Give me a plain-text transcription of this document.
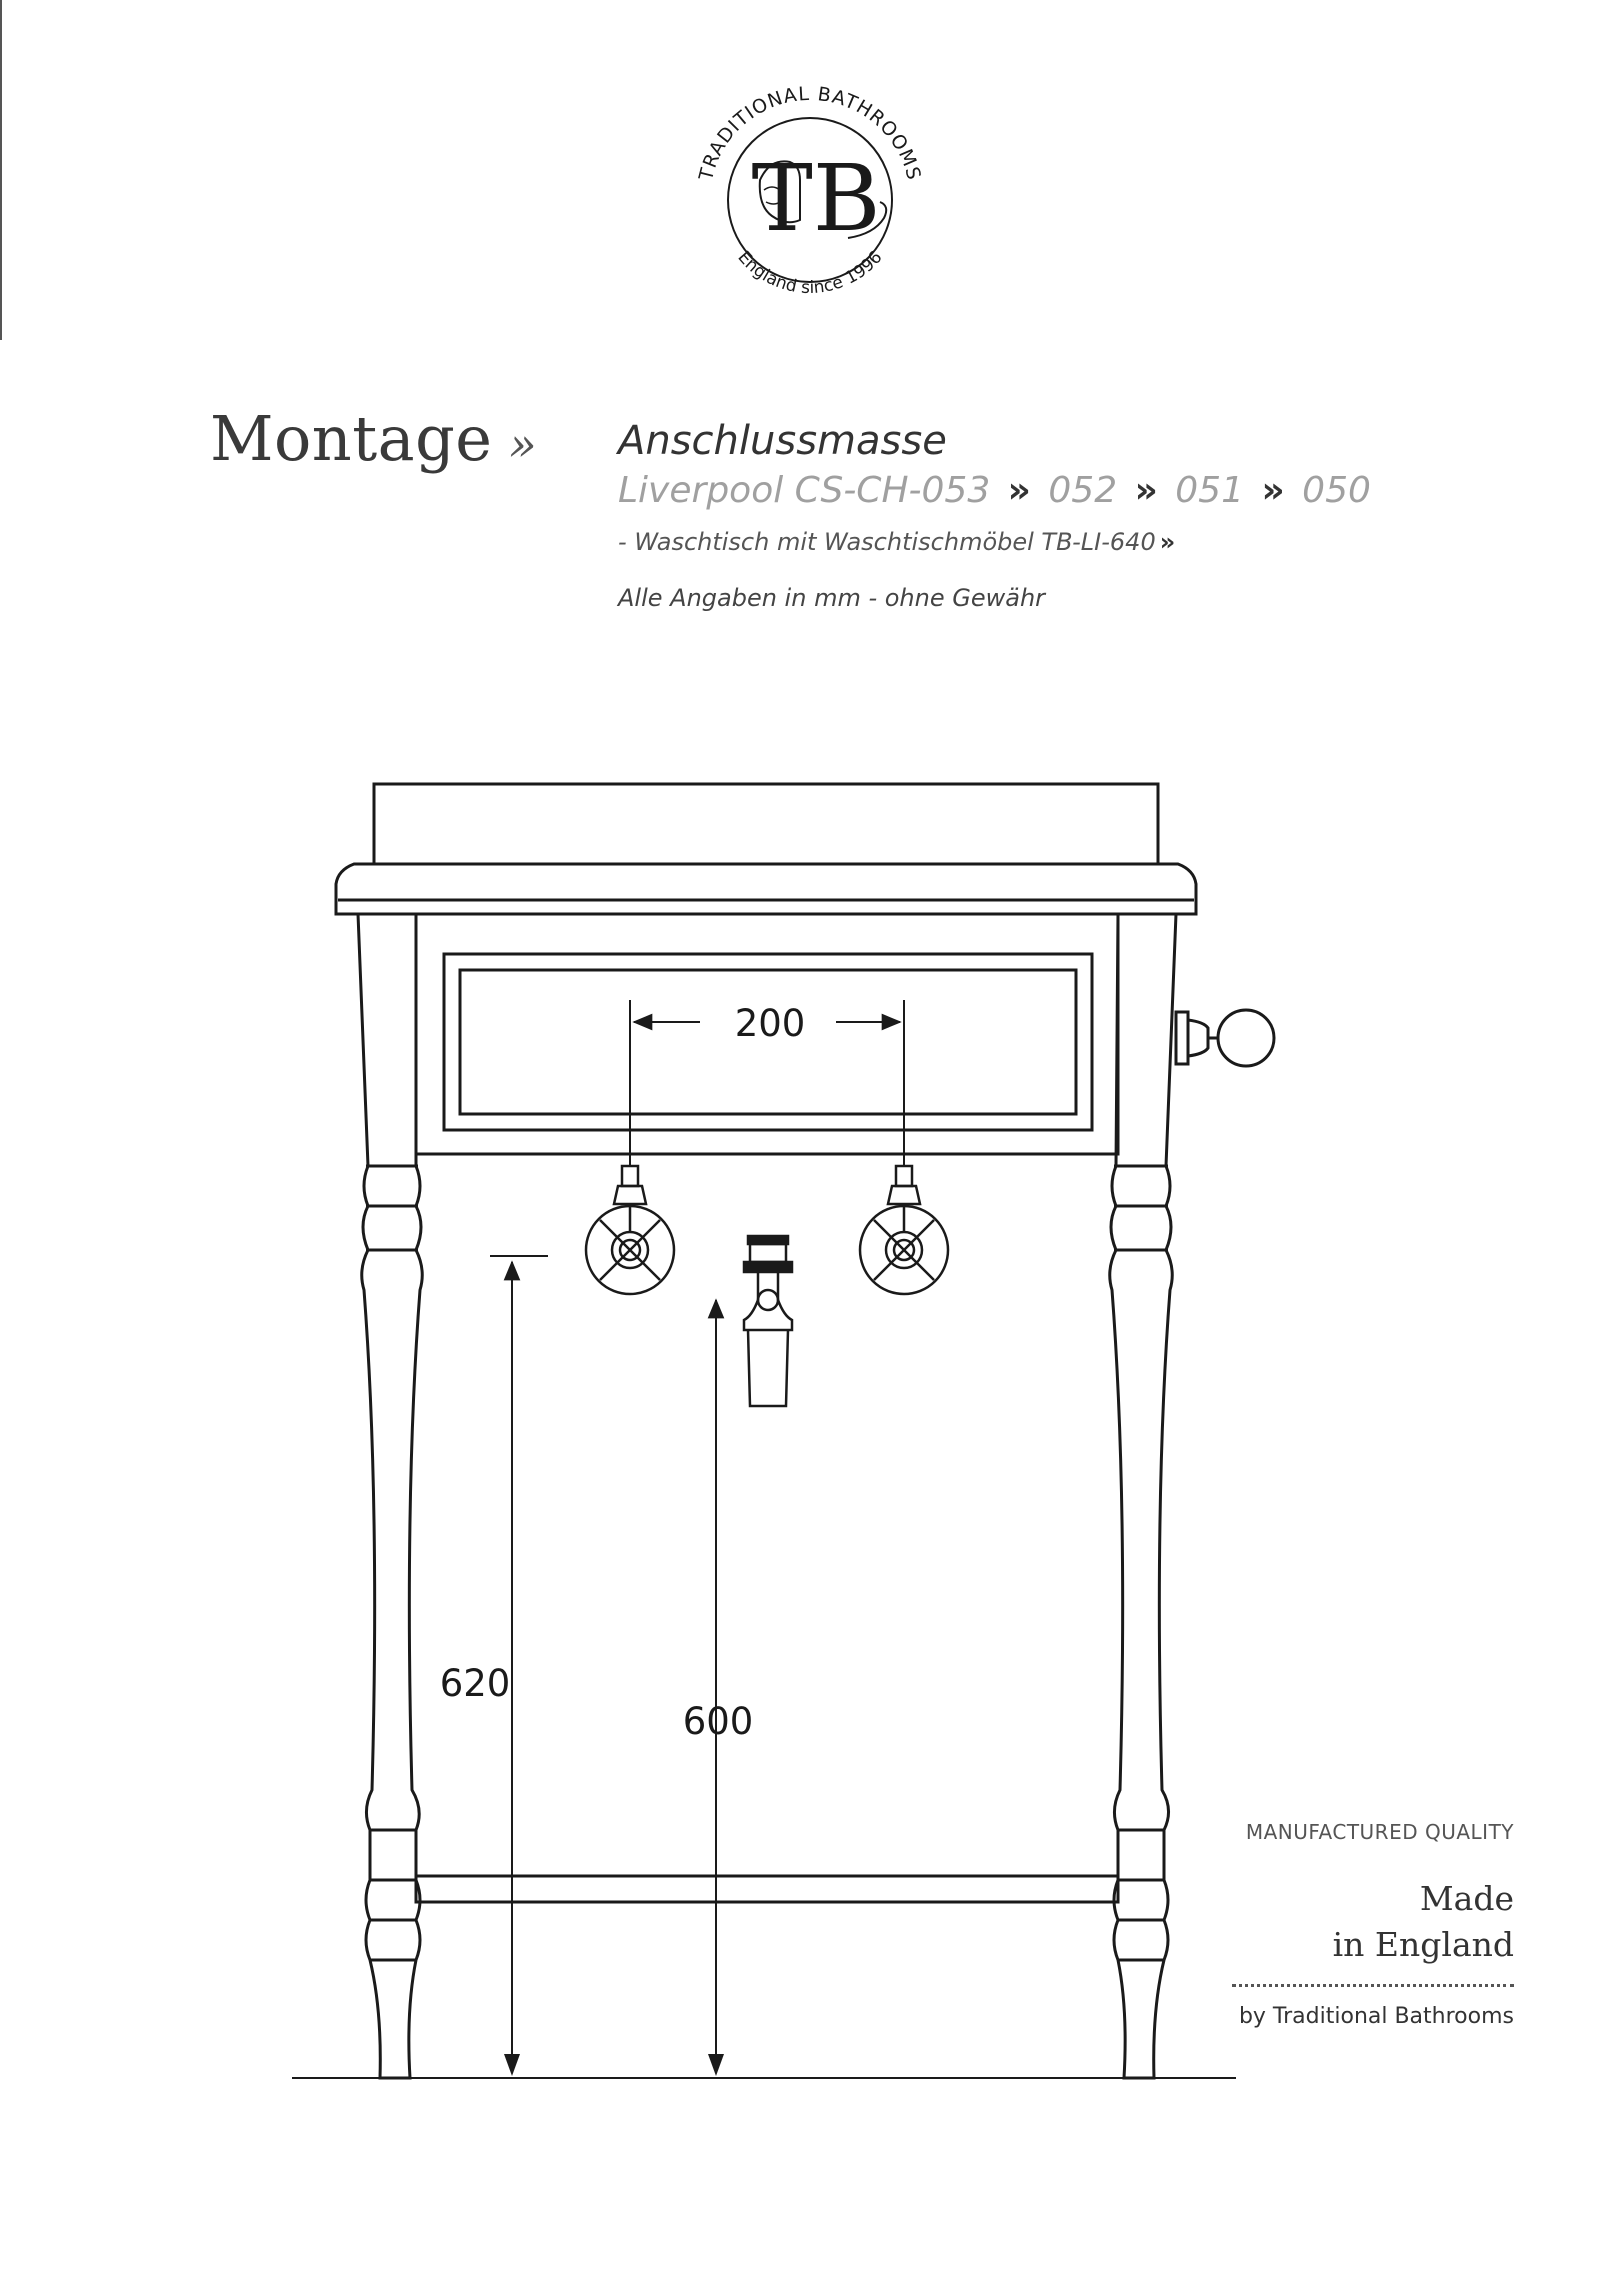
TRADITIONAL BATHROOMS
England since 1996
TB
Montage » Anschlussmasse
Liverpool CS-CH-053 » 052 » 051 » 050
- Waschtisch mit Waschtischmöbel TB-LI-640 »
Alle Angaben in mm - ohne Gewähr
200
620
600
MANUFACTURED QUALITY
Made
in England
by Traditional Bathrooms
